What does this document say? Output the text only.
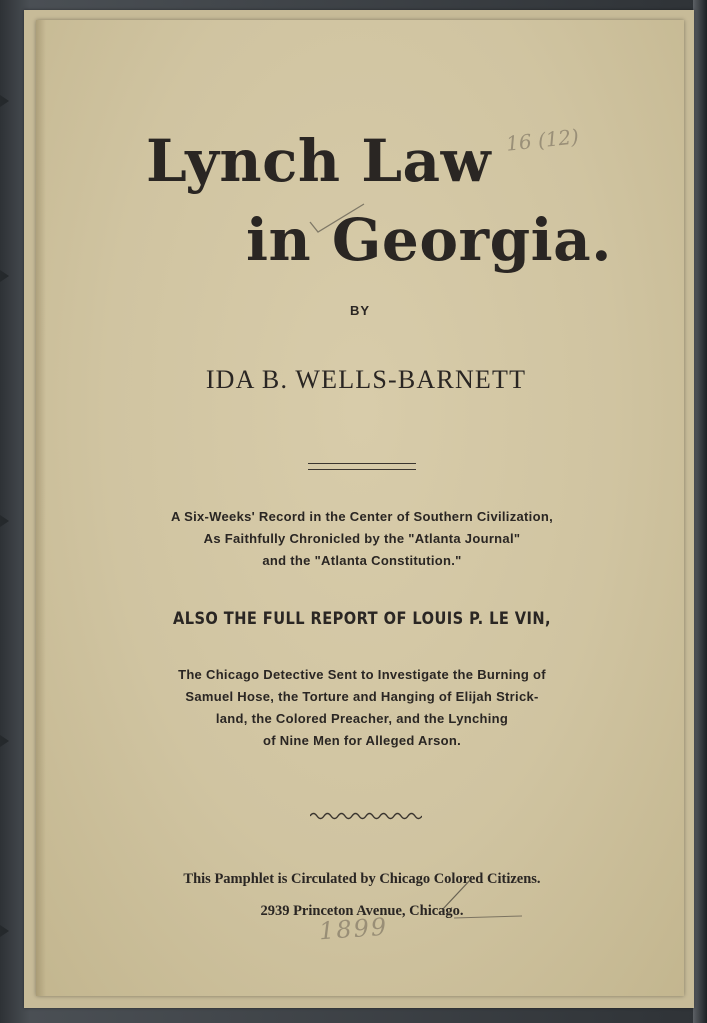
Lynch Law
in Georgia.
16 (12)
BY
IDA B. WELLS-BARNETT
A Six-Weeks' Record in the Center of Southern Civilization,
As Faithfully Chronicled by the "Atlanta Journal"
and the "Atlanta Constitution."
ALSO THE FULL REPORT OF LOUIS P. LE VIN,
The Chicago Detective Sent to Investigate the Burning of
Samuel Hose, the Torture and Hanging of Elijah Strick-
land, the Colored Preacher, and the Lynching
of Nine Men for Alleged Arson.
This Pamphlet is Circulated by Chicago Colored Citizens.
2939 Princeton Avenue, Chicago.
1899
